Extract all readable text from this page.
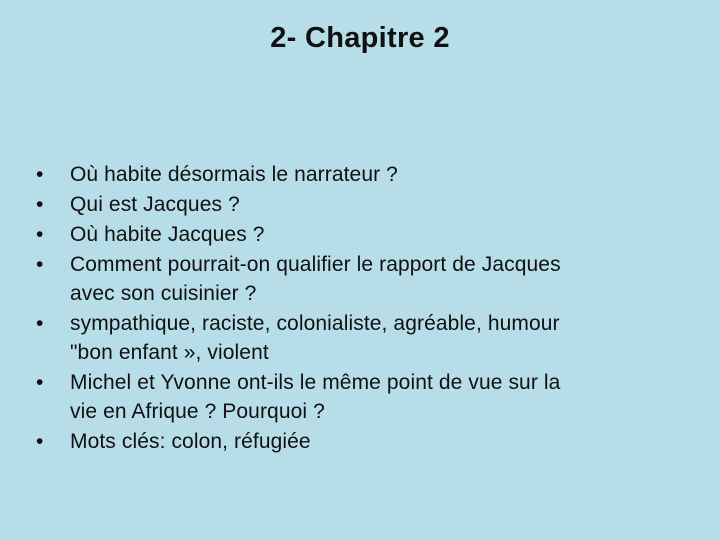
2- Chapitre 2
•	Où habite désormais le narrateur ?
•	Qui est Jacques ?
•	Où habite Jacques ?
•	Comment pourrait-on qualifier le rapport de Jacques
avec son cuisinier ?
•	sympathique, raciste, colonialiste, agréable, humour
"bon enfant », violent
•	Michel et Yvonne ont-ils le même point de vue sur la
vie en Afrique ? Pourquoi ?
•	Mots clés: colon, réfugiée
